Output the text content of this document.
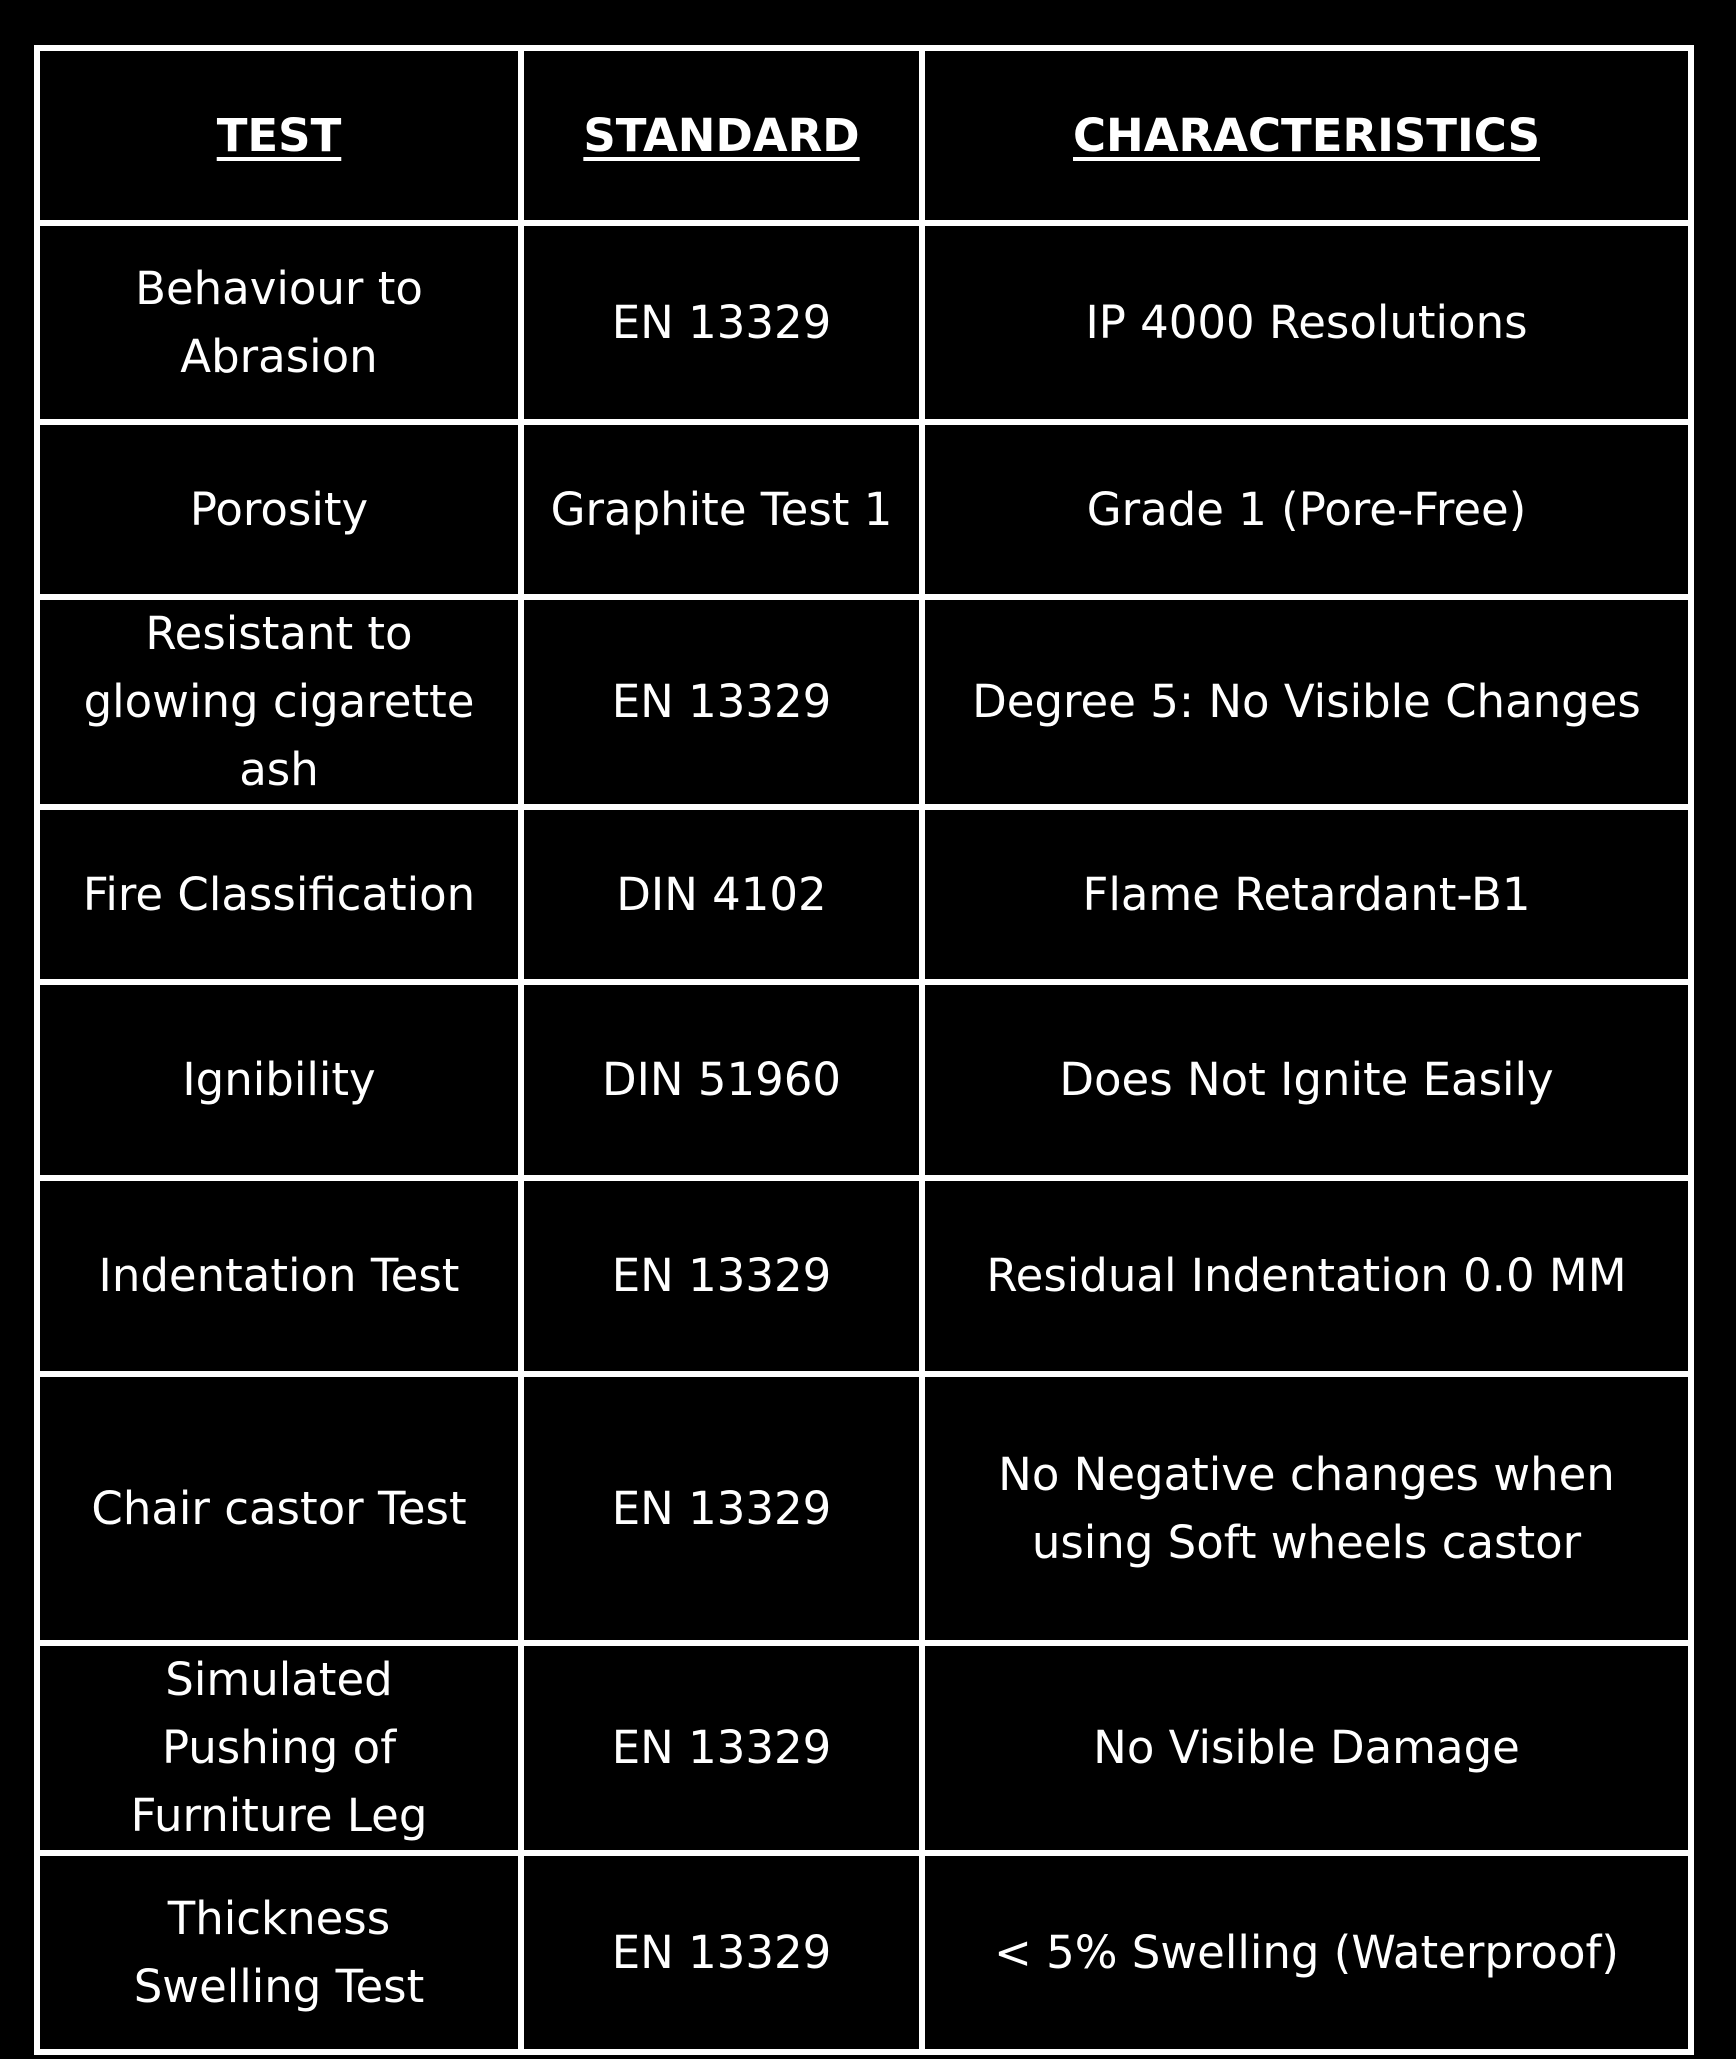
TEST	STANDARD	CHARACTERISTICS
Behaviour to Abrasion	EN 13329	IP 4000 Resolutions
Porosity	Graphite Test 1	Grade 1 (Pore-Free)
Resistant to glowing cigarette ash	EN 13329	Degree 5: No Visible Changes
Fire Classification	DIN 4102	Flame Retardant-B1
Ignibility	DIN 51960	Does Not Ignite Easily
Indentation Test	EN 13329	Residual Indentation 0.0 MM
Chair castor Test	EN 13329	No Negative changes when using Soft wheels castor
Simulated Pushing of Furniture Leg	EN 13329	No Visible Damage
Thickness Swelling Test	EN 13329	< 5% Swelling (Waterproof)
